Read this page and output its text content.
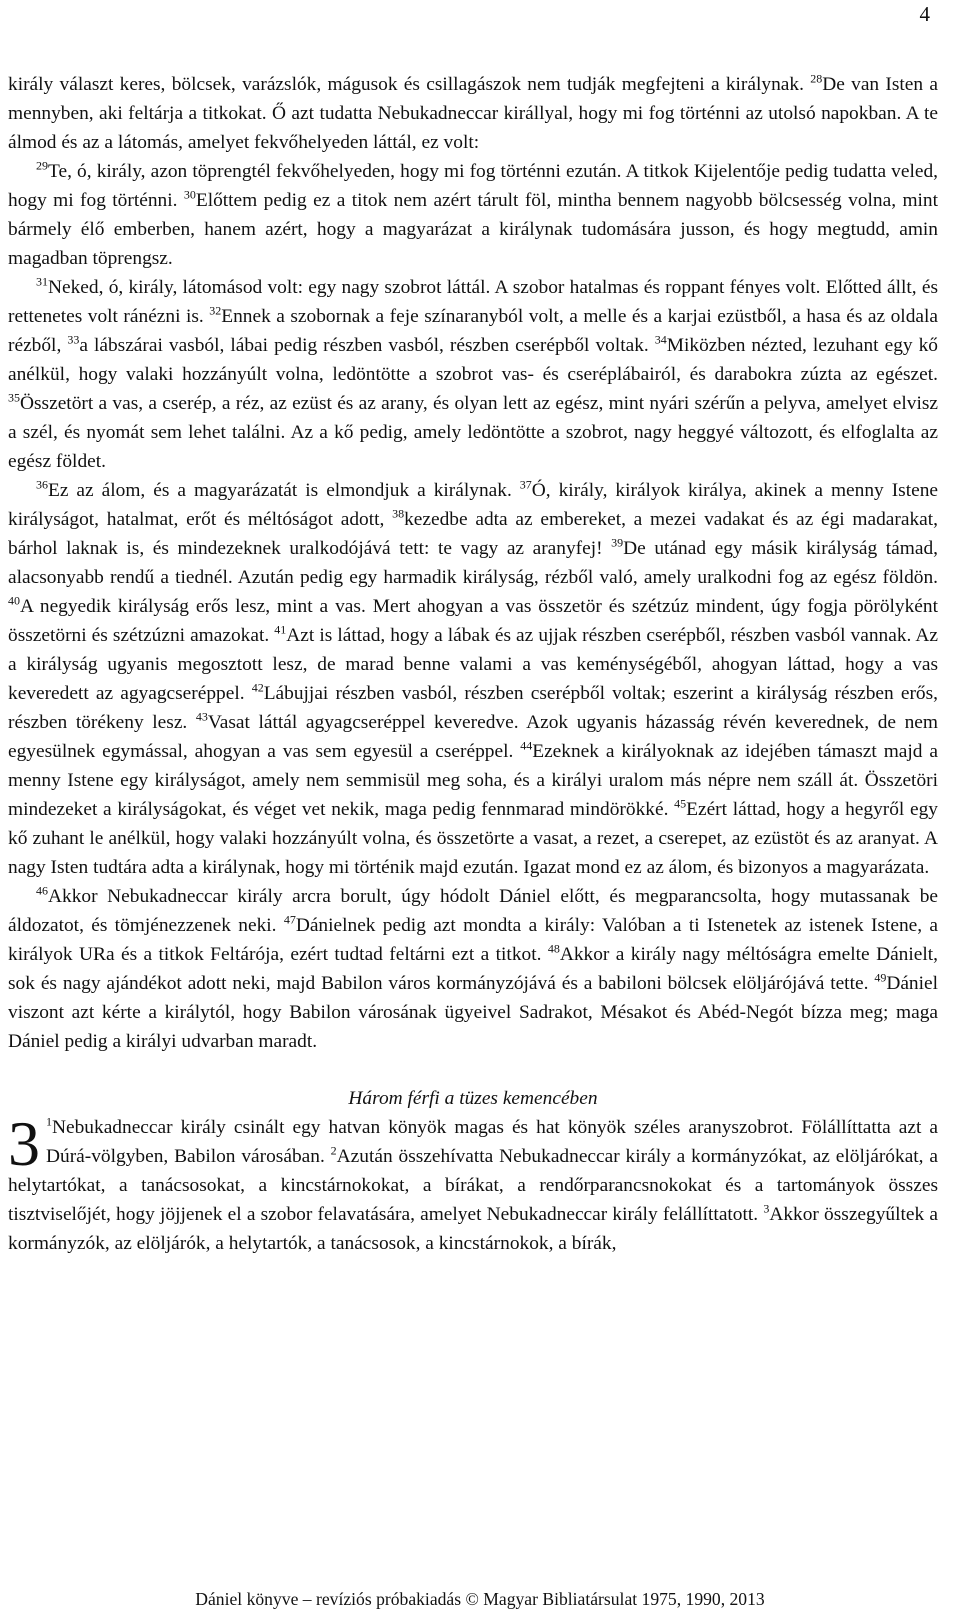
4

király választ keres, bölcsek, varázslók, mágusok és csillagászok nem tudják megfejteni a királynak. $^{28}$De van Isten a mennyben, aki feltárja a titkokat. Ő azt tudatta Nebukadneccar királlyal, hogy mi fog történni az utolsó napokban. A te álmod és az a látomás, amelyet fekvőhelyeden láttál, ez volt:

$^{29}$Te, ó, király, azon töprengtél fekvőhelyeden, hogy mi fog történni ezután. A titkok Kijelentője pedig tudatta veled, hogy mi fog történni. $^{30}$Előttem pedig ez a titok nem azért tárult föl, mintha bennem nagyobb bölcsesség volna, mint bármely élő emberben, hanem azért, hogy a magyarázat a királynak tudomására jusson, és hogy megtudd, amin magadban töprengsz.

$^{31}$Neked, ó, király, látomásod volt: egy nagy szobrot láttál. A szobor hatalmas és roppant fényes volt. Előtted állt, és rettenetes volt ránézni is. $^{32}$Ennek a szobornak a feje színaranyból volt, a melle és a karjai ezüstből, a hasa és az oldala rézből, $^{33}$a lábszárai vasból, lábai pedig részben vasból, részben cserépből voltak. $^{34}$Miközben nézted, lezuhant egy kő anélkül, hogy valaki hozzányúlt volna, ledöntötte a szobrot vas- és cseréplábairól, és darabokra zúzta az egészet. $^{35}$Összetört a vas, a cserép, a réz, az ezüst és az arany, és olyan lett az egész, mint nyári szérűn a pelyva, amelyet elvisz a szél, és nyomát sem lehet találni. Az a kő pedig, amely ledöntötte a szobrot, nagy heggyé változott, és elfoglalta az egész földet.

$^{36}$Ez az álom, és a magyarázatát is elmondjuk a királynak. $^{37}$Ó, király, királyok királya, akinek a menny Istene királyságot, hatalmat, erőt és méltóságot adott, $^{38}$kezedbe adta az embereket, a mezei vadakat és az égi madarakat, bárhol laknak is, és mindezeknek uralkodójává tett: te vagy az aranyfej! $^{39}$De utánad egy másik királyság támad, alacsonyabb rendű a tiednél. Azután pedig egy harmadik királyság, rézből való, amely uralkodni fog az egész földön. $^{40}$A negyedik királyság erős lesz, mint a vas. Mert ahogyan a vas összetör és szétzúz mindent, úgy fogja pörölyként összetörni és szétzúzni amazokat. $^{41}$Azt is láttad, hogy a lábak és az ujjak részben cserépből, részben vasból vannak. Az a királyság ugyanis megosztott lesz, de marad benne valami a vas keménységéből, ahogyan láttad, hogy a vas keveredett az agyagcseréppel. $^{42}$Lábujjai részben vasból, részben cserépből voltak; eszerint a királyság részben erős, részben törékeny lesz. $^{43}$Vasat láttál agyagcseréppel keveredve. Azok ugyanis házasság révén keverednek, de nem egyesülnek egymással, ahogyan a vas sem egyesül a cseréppel. $^{44}$Ezeknek a királyoknak az idejében támaszt majd a menny Istene egy királyságot, amely nem semmisül meg soha, és a királyi uralom más népre nem száll át. Összetöri mindezeket a királyságokat, és véget vet nekik, maga pedig fennmarad mindörökké. $^{45}$Ezért láttad, hogy a hegyről egy kő zuhant le anélkül, hogy valaki hozzányúlt volna, és összetörte a vasat, a rezet, a cserepet, az ezüstöt és az aranyat. A nagy Isten tudtára adta a királynak, hogy mi történik majd ezután. Igazat mond ez az álom, és bizonyos a magyarázata.

$^{46}$Akkor Nebukadneccar király arcra borult, úgy hódolt Dániel előtt, és megparancsolta, hogy mutassanak be áldozatot, és tömjénezzenek neki. $^{47}$Dánielnek pedig azt mondta a király: Valóban a ti Istenetek az istenek Istene, a királyok URa és a titkok Feltárója, ezért tudtad feltárni ezt a titkot. $^{48}$Akkor a király nagy méltóságra emelte Dánielt, sok és nagy ajándékot adott neki, majd Babilon város kormányzójává és a babiloni bölcsek elöljárójává tette. $^{49}$Dániel viszont azt kérte a királytól, hogy Babilon városának ügyeivel Sadrakot, Mésakot és Abéd-Negót bízza meg; maga Dániel pedig a királyi udvarban maradt.

Három férfi a tüzes kemencében
3 $^1$Nebukadneccar király csinált egy hatvan könyök magas és hat könyök széles aranyszobrot. Fölállíttatta azt a Dúrá-völgyben, Babilon városában. $^2$Azután összehívatta Nebukadneccar király a kormányzókat, az elöljárókat, a helytartókat, a tanácsosokat, a kincstárnokokat, a bírákat, a rendőrparancsnokokat és a tartományok összes tisztviselőjét, hogy jöjjenek el a szobor felavatására, amelyet Nebukadneccar király felállíttatott. $^3$Akkor összegyűltek a kormányzók, az elöljárók, a helytartók, a tanácsosok, a kincstárnokok, a bírák,
Dániel könyve – revíziós próbakiadás © Magyar Bibliatársulat 1975, 1990, 2013
